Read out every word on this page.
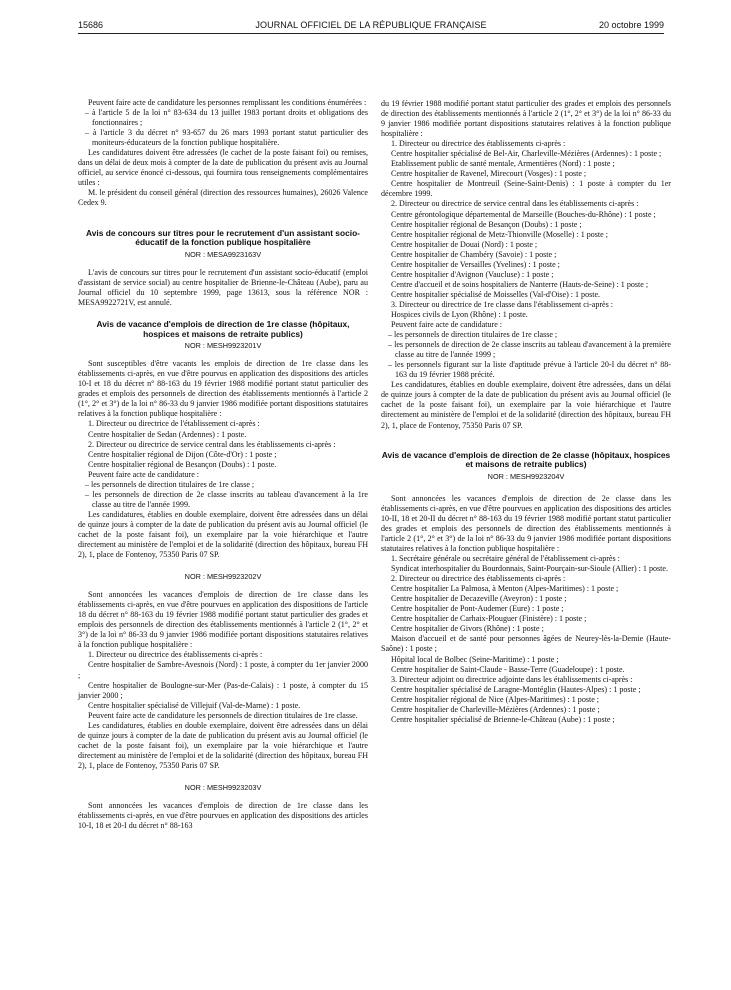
15686	JOURNAL OFFICIEL DE LA RÉPUBLIQUE FRANÇAISE	20 octobre 1999

Peuvent faire acte de candidature les personnes remplissant les conditions énumérées :

– à l'article 5 de la loi n° 83-634 du 13 juillet 1983 portant droits et obligations des fonctionnaires ;

– à l'article 3 du décret n° 93-657 du 26 mars 1993 portant statut particulier des moniteurs-éducateurs de la fonction publique hospitalière.

Les candidatures doivent être adressées (le cachet de la poste faisant foi) ou remises, dans un délai de deux mois à compter de la date de publication du présent avis au Journal officiel, au service énoncé ci-dessous, qui fournira tous renseignements complémentaires utiles :

M. le président du conseil général (direction des ressources humaines), 26026 Valence Cedex 9.

Avis de concours sur titres pour le recrutement d'un assistant socio-éducatif de la fonction publique hospitalière
NOR : MESA9923163V

L'avis de concours sur titres pour le recrutement d'un assistant socio-éducatif (emploi d'assistant de service social) au centre hospitalier de Brienne-le-Château (Aube), paru au Journal officiel du 10 septembre 1999, page 13613, sous la référence NOR : MESA9922721V, est annulé.

Avis de vacance d'emplois de direction de 1re classe (hôpitaux, hospices et maisons de retraite publics)
NOR : MESH9923201V

Sont susceptibles d'être vacants les emplois de direction de 1re classe dans les établissements ci-après, en vue d'être pourvus en application des dispositions des articles 10-I et 18 du décret n° 88-163 du 19 février 1988 modifié portant statut particulier des grades et emplois des personnels de direction des établissements mentionnés à l'article 2 (1°, 2° et 3°) de la loi n° 86-33 du 9 janvier 1986 modifiée portant dispositions statutaires relatives à la fonction publique hospitalière :

1. Directeur ou directrice de l'établissement ci-après :

Centre hospitalier de Sedan (Ardennes) : 1 poste.

2. Directeur ou directrice de service central dans les établissements ci-après :

Centre hospitalier régional de Dijon (Côte-d'Or) : 1 poste ;

Centre hospitalier régional de Besançon (Doubs) : 1 poste.

Peuvent faire acte de candidature :

– les personnels de direction titulaires de 1re classe ;

– les personnels de direction de 2e classe inscrits au tableau d'avancement à la 1re classe au titre de l'année 1999.

Les candidatures, établies en double exemplaire, doivent être adressées dans un délai de quinze jours à compter de la date de publication du présent avis au Journal officiel (le cachet de la poste faisant foi), un exemplaire par la voie hiérarchique et l'autre directement au ministère de l'emploi et de la solidarité (direction des hôpitaux, bureau FH 2), 1, place de Fontenoy, 75350 Paris 07 SP.

NOR : MESH9923202V

Sont annoncées les vacances d'emplois de direction de 1re classe dans les établissements ci-après, en vue d'être pourvues en application des dispositions de l'article 18 du décret n° 88-163 du 19 février 1988 modifié portant statut particulier des grades et emplois des personnels de direction des établissements mentionnés à l'article 2 (1°, 2° et 3°) de la loi n° 86-33 du 9 janvier 1986 modifiée portant dispositions statutaires relatives à la fonction publique hospitalière :

1. Directeur ou directrice des établissements ci-après :

Centre hospitalier de Sambre-Avesnois (Nord) : 1 poste, à compter du 1er janvier 2000 ;

Centre hospitalier de Boulogne-sur-Mer (Pas-de-Calais) : 1 poste, à compter du 15 janvier 2000 ;

Centre hospitalier spécialisé de Villejuif (Val-de-Marne) : 1 poste.

Peuvent faire acte de candidature les personnels de direction titulaires de 1re classe.

Les candidatures, établies en double exemplaire, doivent être adressées dans un délai de quinze jours à compter de la date de publication du présent avis au Journal officiel (le cachet de la poste faisant foi), un exemplaire par la voie hiérarchique et l'autre directement au ministère de l'emploi et de la solidarité (direction des hôpitaux, bureau FH 2), 1, place de Fontenoy, 75350 Paris 07 SP.

NOR : MESH9923203V

Sont annoncées les vacances d'emplois de direction de 1re classe dans les établissements ci-après, en vue d'être pourvues en application des dispositions des articles 10-I, 18 et 20-I du décret n° 88-163

du 19 février 1988 modifié portant statut particulier des grades et emplois des personnels de direction des établissements mentionnés à l'article 2 (1°, 2° et 3°) de la loi n° 86-33 du 9 janvier 1986 modifiée portant dispositions statutaires relatives à la fonction publique hospitalière :

1. Directeur ou directrice des établissements ci-après :

Centre hospitalier spécialisé de Bel-Air, Charleville-Mézières (Ardennes) : 1 poste ;

Etablissement public de santé mentale, Armentières (Nord) : 1 poste ;

Centre hospitalier de Ravenel, Mirecourt (Vosges) : 1 poste ;

Centre hospitalier de Montreuil (Seine-Saint-Denis) : 1 poste à compter du 1er décembre 1999.

2. Directeur ou directrice de service central dans les établissements ci-après :

Centre gérontologique départemental de Marseille (Bouches-du-Rhône) : 1 poste ;

Centre hospitalier régional de Besançon (Doubs) : 1 poste ;

Centre hospitalier régional de Metz-Thionville (Moselle) : 1 poste ;

Centre hospitalier de Douai (Nord) : 1 poste ;

Centre hospitalier de Chambéry (Savoie) : 1 poste ;

Centre hospitalier de Versailles (Yvelines) : 1 poste ;

Centre hospitalier d'Avignon (Vaucluse) : 1 poste ;

Centre d'accueil et de soins hospitaliers de Nanterre (Hauts-de-Seine) : 1 poste ;

Centre hospitalier spécialisé de Moisselles (Val-d'Oise) : 1 poste.

3. Directeur ou directrice de 1re classe dans l'établissement ci-après :

Hospices civils de Lyon (Rhône) : 1 poste.

Peuvent faire acte de candidature :

– les personnels de direction titulaires de 1re classe ;

– les personnels de direction de 2e classe inscrits au tableau d'avancement à la première classe au titre de l'année 1999 ;

– les personnels figurant sur la liste d'aptitude prévue à l'article 20-I du décret n° 88-163 du 19 février 1988 précité.

Les candidatures, établies en double exemplaire, doivent être adressées, dans un délai de quinze jours à compter de la date de publication du présent avis au Journal officiel (le cachet de la poste faisant foi), un exemplaire par la voie hiérarchique et l'autre directement au ministère de l'emploi et de la solidarité (direction des hôpitaux, bureau FH 2), 1, place de Fontenoy, 75350 Paris 07 SP.

Avis de vacance d'emplois de direction de 2e classe (hôpitaux, hospices et maisons de retraite publics)
NOR : MESH9923204V

Sont annoncées les vacances d'emplois de direction de 2e classe dans les établissements ci-après, en vue d'être pourvues en application des dispositions des articles 10-II, 18 et 20-II du décret n° 88-163 du 19 février 1988 modifié portant statut particulier des grades et emplois des personnels de direction des établissements mentionnés à l'article 2 (1°, 2° et 3°) de la loi n° 86-33 du 9 janvier 1986 modifiée portant dispositions statutaires relatives à la fonction publique hospitalière :

1. Secrétaire générale ou secrétaire général de l'établissement ci-après :

Syndicat interhospitalier du Bourdonnais, Saint-Pourçain-sur-Sioule (Allier) : 1 poste.

2. Directeur ou directrice des établissements ci-après :

Centre hospitalier La Palmosa, à Menton (Alpes-Maritimes) : 1 poste ;

Centre hospitalier de Decazeville (Aveyron) : 1 poste ;

Centre hospitalier de Pont-Audemer (Eure) : 1 poste ;

Centre hospitalier de Carhaix-Plouguer (Finistère) : 1 poste ;

Centre hospitalier de Givors (Rhône) : 1 poste ;

Maison d'accueil et de santé pour personnes âgées de Neurey-lès-la-Demie (Haute-Saône) : 1 poste ;

Hôpital local de Bolbec (Seine-Maritime) : 1 poste ;

Centre hospitalier de Saint-Claude - Basse-Terre (Guadeloupe) : 1 poste.

3. Directeur adjoint ou directrice adjointe dans les établissements ci-après :

Centre hospitalier spécialisé de Laragne-Montéglin (Hautes-Alpes) : 1 poste ;

Centre hospitalier régional de Nice (Alpes-Maritimes) : 1 poste ;

Centre hospitalier de Charleville-Mézières (Ardennes) : 1 poste ;

Centre hospitalier spécialisé de Brienne-le-Château (Aube) : 1 poste ;
